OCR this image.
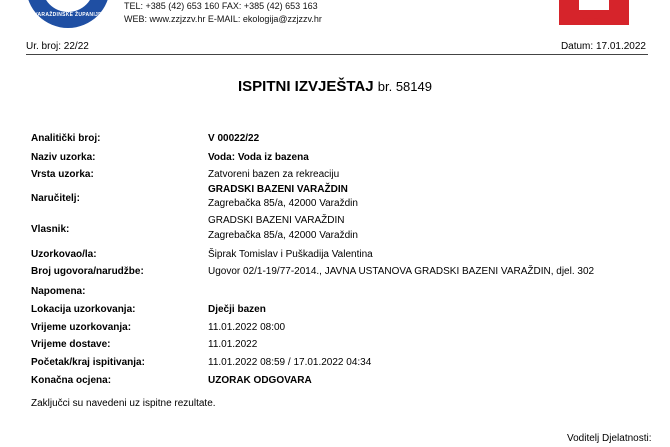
VARAŽDINSKE ŽUPANIJE
TEL: +385 (42) 653 160 FAX: +385 (42) 653 163
WEB: www.zzjzzv.hr E-MAIL: ekologija@zzjzzv.hr	TEST
Ur. broj: 22/22	Datum: 17.01.2022
ISPITNI IZVJEŠTAJ br. 58149
Analitički broj:	V 00022/22
Naziv uzorka:	Voda: Voda iz bazena
Vrsta uzorka:	Zatvoreni bazen za rekreaciju
Naručitelj:
GRADSKI BAZENI VARAŽDIN
Zagrebačka 85/a, 42000 Varaždin
Vlasnik:
GRADSKI BAZENI VARAŽDIN
Zagrebačka 85/a, 42000 Varaždin
Uzorkovao/la:	Šiprak Tomislav i Puškadija Valentina
Broj ugovora/narudžbe:	Ugovor 02/1-19/77-2014., JAVNA USTANOVA GRADSKI BAZENI VARAŽDIN, djel. 302
Napomena:
Lokacija uzorkovanja:	Dječji bazen
Vrijeme uzorkovanja:	11.01.2022 08:00
Vrijeme dostave:	11.01.2022
Početak/kraj ispitivanja:	11.01.2022 08:59 / 17.01.2022 04:34
Konačna ocjena:	UZORAK ODGOVARA
Zaključci su navedeni uz ispitne rezultate.
Voditelj Djelatnosti:
